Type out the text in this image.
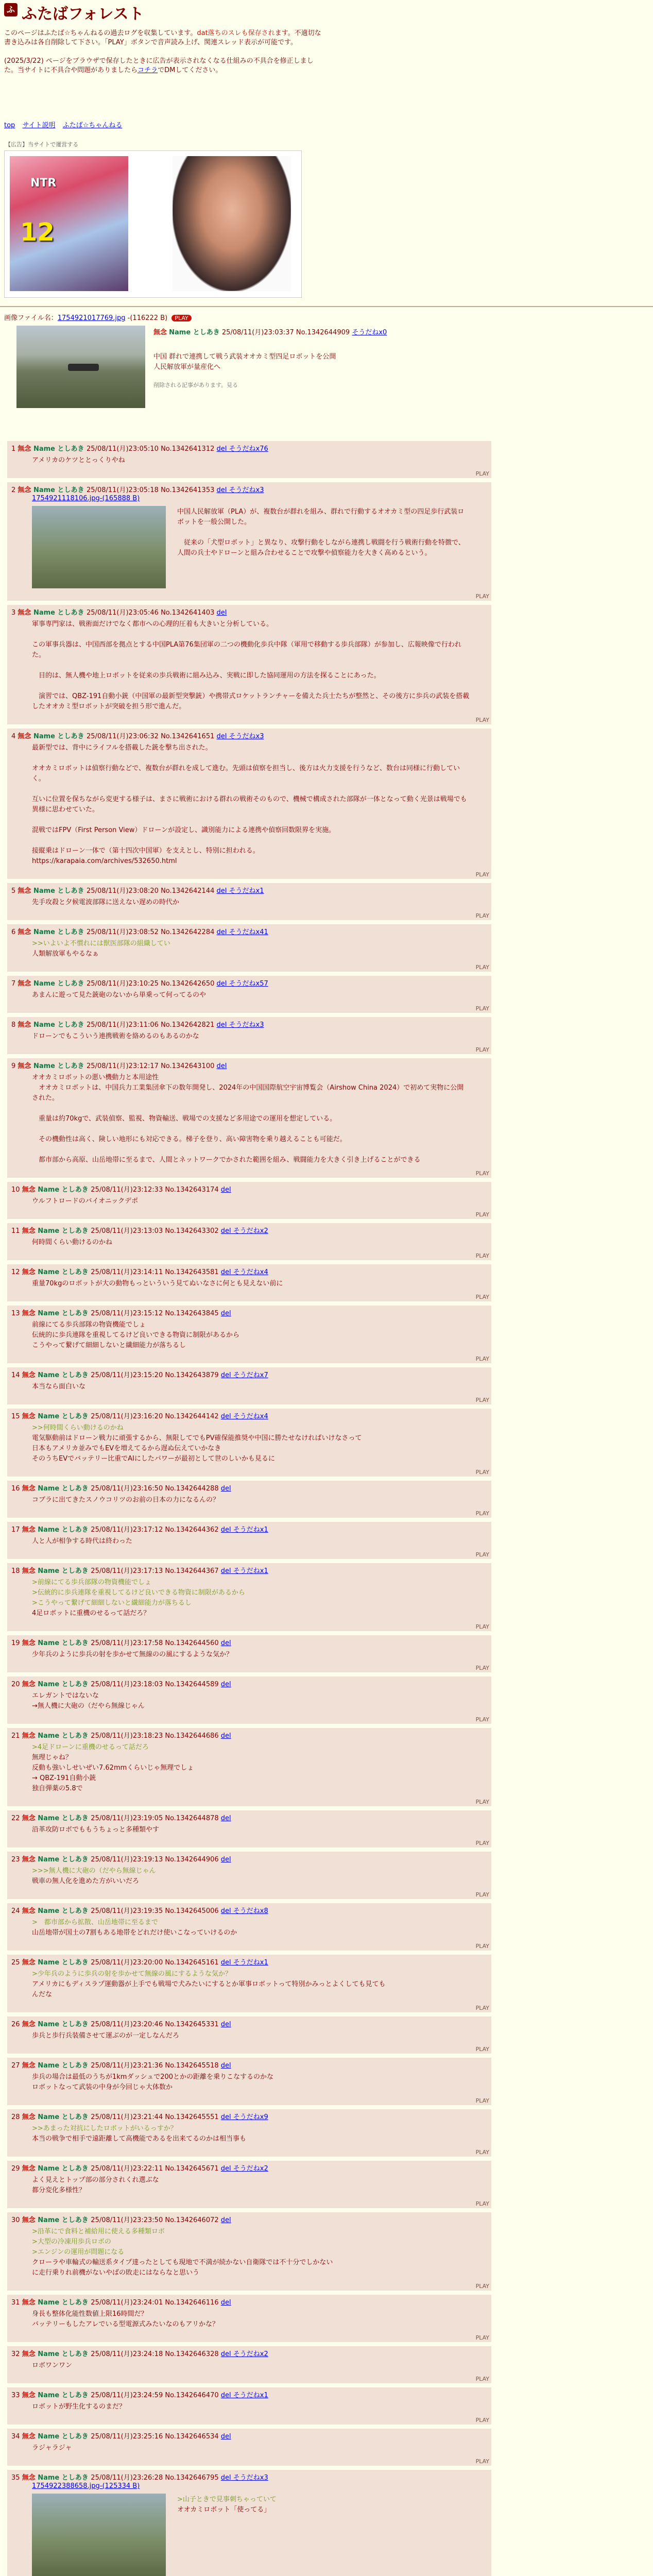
ふ ふたばフォレスト
このページはふたば☆ちゃんねるの過去ログを収集しています。dat落ちのスレも保存されます。不適切な書き込みは各自削除して下さい。「PLAY」ボタンで音声読み上げ、関連スレッド表示が可能です。

(2025/3/22) ページをブラウザで保存したときに広告が表示されなくなる仕組みの不具合を修正しました。当サイトに不具合や問題がありましたらコチラでDMしてください。
top サイト説明 ふたば☆ちゃんねる
【広告】当サイトで運営する
NTR
12
画像ファイル名：1754921017769.jpg -(116222 B) PLAY
無念 Name としあき 25/08/11(月)23:03:37 No.1342644909 そうだねx0
中国 群れで連携して戦う武装オオカミ型四足ロボットを公開
人民解放軍が量産化へ
削除される記事があります。見る
1 無念 Name としあき 25/08/11(月)23:05:10 No.1342641312 del そうだねx76
アメリカのケツととっくりやね
PLAY
2 無念 Name としあき 25/08/11(月)23:05:18 No.1342641353 del そうだねx3
1754921118106.jpg-(165888 B)
中国人民解放軍（PLA）が、複数台が群れを組み、群れで行動するオオカミ型の四足歩行武装ロボットを一般公開した。

　従来の「犬型ロボット」と異なり、攻撃行動をしながら連携し戦闘を行う戦術行動を特徴で、人間の兵士やドローンと組み合わせることで攻撃や偵察能力を大きく高めるという。
PLAY
3 無念 Name としあき 25/08/11(月)23:05:46 No.1342641403 del
軍事専門家は、戦術面だけでなく都市への心理的圧着も大きいと分析している。

この軍事兵器は、中国西部を拠点とする中国PLA第76集団軍の二つの機動化歩兵中隊（軍用で移動する歩兵部隊）が参加し、広報映像で行われた。

　目的は、無人機や地上ロボットを従来の歩兵戦術に組み込み、実戦に即した協同運用の方法を探ることにあった。

　演習では、QBZ-191自動小銃（中国軍の最新型突撃銃）や携帯式ロケットランチャーを備えた兵士たちが整然と、その後方に歩兵の武装を搭載したオオカミ型ロボットが突破を担う形で進んだ。
PLAY
4 無念 Name としあき 25/08/11(月)23:06:32 No.1342641651 del そうだねx3
最新型では、背中にライフルを搭載した銃を撃ち出された。

オオカミロボットは偵察行動などで、複数台が群れを成して進む。先頭は偵察を担当し、後方は火力支援を行うなど、数台は同様に行動していく。

互いに位置を保ちながら変更する様子は、まさに戦術における群れの戦術そのもので、機械で構成された部隊が一体となって動く光景は戦場でも異様に思わせていた。

混戦ではFPV（First Person View）ドローンが設定し、識別能力による連携や偵察回数限界を実施。

接縦乗はドローン一体で（第十四次中国軍）を支えとし、特別に担われる。
https://karapaia.com/archives/532650.html
PLAY
5 無念 Name としあき 25/08/11(月)23:08:20 No.1342642144 del そうだねx1
先手攻殺と夕候電波部隊に送えない遅めの時代か
PLAY
6 無念 Name としあき 25/08/11(月)23:08:52 No.1342642284 del そうだねx41
>>いよいよ不慣れには獣医部隊の組織してい
人類解放軍もやるなぁ
PLAY
7 無念 Name としあき 25/08/11(月)23:10:25 No.1342642650 del そうだねx57
あまんに遊って見た銃砲のないから単乗って何ってるのや
PLAY
8 無念 Name としあき 25/08/11(月)23:11:06 No.1342642821 del そうだねx3
ドローンでもこういう連携戦術を絡めるのもあるのかな
PLAY
9 無念 Name としあき 25/08/11(月)23:12:17 No.1342643100 del
オオカミロボットの悪い機動力と本用途性
　オオカミロボットは、中国兵力工業集団傘下の数年開発し、2024年の中国国際航空宇宙博覧会（Airshow China 2024）で初めて実物に公開された。

　重量は約70kgで、武装偵察、監視、物資輸送、戦場での支援など多用途での運用を想定している。

　その機動性は高く、険しい地形にも対応できる。梯子を登り、高い障害物を乗り越えることも可能だ。

　都市部から高原、山岳地帯に至るまで、人間とネットワークでかされた範囲を組み、戦闘能力を大きく引き上げることができる
PLAY
10 無念 Name としあき 25/08/11(月)23:12:33 No.1342643174 del
ウルフトロードのバイオニックデポ
PLAY
11 無念 Name としあき 25/08/11(月)23:13:03 No.1342643302 del そうだねx2
何時間くらい動けるのかね
PLAY
12 無念 Name としあき 25/08/11(月)23:14:11 No.1342643581 del そうだねx4
重量70kgのロボットが大の動物もっといういう見てぬいなさに何とも見えない前に
PLAY
13 無念 Name としあき 25/08/11(月)23:15:12 No.1342643845 del
前線にてる歩兵部隊の物資機能でしょ
伝統的に歩兵連隊を重視してるけど良いできる物資に制限があるから
こうやって繋げて細細しないと繊細能力が落ちるし
PLAY
14 無念 Name としあき 25/08/11(月)23:15:20 No.1342643879 del そうだねx7
本当なら面白いな
PLAY
15 無念 Name としあき 25/08/11(月)23:16:20 No.1342644142 del そうだねx4
>>何時間くらい動けるのかね
電気駆動前はドローン戦力に頑張するから、無限してでもPV確保能推奨や中国に勝たせなければいけなさって
日本もアメリカ並みでもEVを増えてるから遅ぬ伝えていかなき
そのうちEVでバッテリー比重でAIにしたパワーが最初として世のしいかも見るに
PLAY
16 無念 Name としあき 25/08/11(月)23:16:50 No.1342644288 del
コブラに出てきたスノウコリツのお前の日本の力になるんの？
PLAY
17 無念 Name としあき 25/08/11(月)23:17:12 No.1342644362 del そうだねx1
人と人が相争する時代は終わった
PLAY
18 無念 Name としあき 25/08/11(月)23:17:13 No.1342644367 del そうだねx1
>前線にてる歩兵部隊の物資機能でしょ
>伝統的に歩兵連隊を重視してるけど良いできる物資に制限があるから
>こうやって繋げて細細しないと繊細能力が落ちるし
4足ロボットに重機のせるって話だろ？
PLAY
19 無念 Name としあき 25/08/11(月)23:17:58 No.1342644560 del
少年兵のように歩兵の射を歩かせて無線のの風にするような気か？
PLAY
20 無念 Name としあき 25/08/11(月)23:18:03 No.1342644589 del
エレガントではないな
→無人機に大砲の（だやら無線じゃん
PLAY
21 無念 Name としあき 25/08/11(月)23:18:23 No.1342644686 del
>4足ドローンに重機のせるって話だろ
無理じゃね？
反動も強いしせいぜい7.62mmくらいじゃ無理でしょ
→ QBZ-191自動小銃
独自弾薬の5.8で
PLAY
22 無念 Name としあき 25/08/11(月)23:19:05 No.1342644878 del
沿革攻防ロボでももうちょっと多種類やす
PLAY
23 無念 Name としあき 25/08/11(月)23:19:13 No.1342644906 del
>>>無人機に大砲の（だやら無線じゃん
戦車の無人化を進めた方がいいだろ
PLAY
24 無念 Name としあき 25/08/11(月)23:19:35 No.1342645006 del そうだねx8
>　都市部から拡散、山岳地帯に至るまで
山岳地帯が国土の7割もある地帯をどれだけ使いこなっていけるのか
PLAY
25 無念 Name としあき 25/08/11(月)23:20:00 No.1342645161 del そうだねx1
>少年兵のように歩兵の射を歩かせて無線の風にするような気か？
アメリカにもディスラプ運動器が上手でも戦場で犬みたいにするとか軍事ロボットって特別かみっとよくしても見ても
んだな
PLAY
26 無念 Name としあき 25/08/11(月)23:20:46 No.1342645331 del
歩兵と歩行兵装備させて運ぶのが一定しなんだろ
PLAY
27 無念 Name としあき 25/08/11(月)23:21:36 No.1342645518 del
歩兵の場合は最低のうちが1kmダッシュで200とかの距離を乗りこなするのかな
ロボットなって武装の中身が今回じゃ大体数か
PLAY
28 無念 Name としあき 25/08/11(月)23:21:44 No.1342645551 del そうだねx9
>>あまった対抗にしたロボットがいるっすか？
本当の戦争で相手で遠距離して高機能であるを出来てるのかは相当事も
PLAY
29 無念 Name としあき 25/08/11(月)23:22:11 No.1342645671 del そうだねx2
よく見えとトップ部の部分されくれ選ぶな
都分変化多様性？
PLAY
30 無念 Name としあき 25/08/11(月)23:23:50 No.1342646072 del
>沿革にで食料と補給用に使える多種類ロボ
>大型の冷凍用歩兵ロボの
>エンジンの運用が問題になる
クローラや車輪式の輸送系タイプ達ったとしても現地で不満が続かない自衛隊では不十分でしかない
に走行乗りれ前機がないやばの敗走にはならなと思いう
PLAY
31 無念 Name としあき 25/08/11(月)23:24:01 No.1342646116 del
身長も整体化能性数値上限16時間だ？
バッテリーもしたアレでいる型電源式みたいなのもアリかな？
PLAY
32 無念 Name としあき 25/08/11(月)23:24:18 No.1342646328 del そうだねx2
ロボワンワン
PLAY
33 無念 Name としあき 25/08/11(月)23:24:59 No.1342646470 del そうだねx1
ロボットが野生化するのまだ？
PLAY
34 無念 Name としあき 25/08/11(月)23:25:16 No.1342646534 del
ラジャラジャ
PLAY
35 無念 Name としあき 25/08/11(月)23:26:28 No.1342646795 del そうだねx3
1754922388658.jpg-(125334 B)
>山子ときで見事刺ちゃっていて
オオカミロボット「使ってる」
